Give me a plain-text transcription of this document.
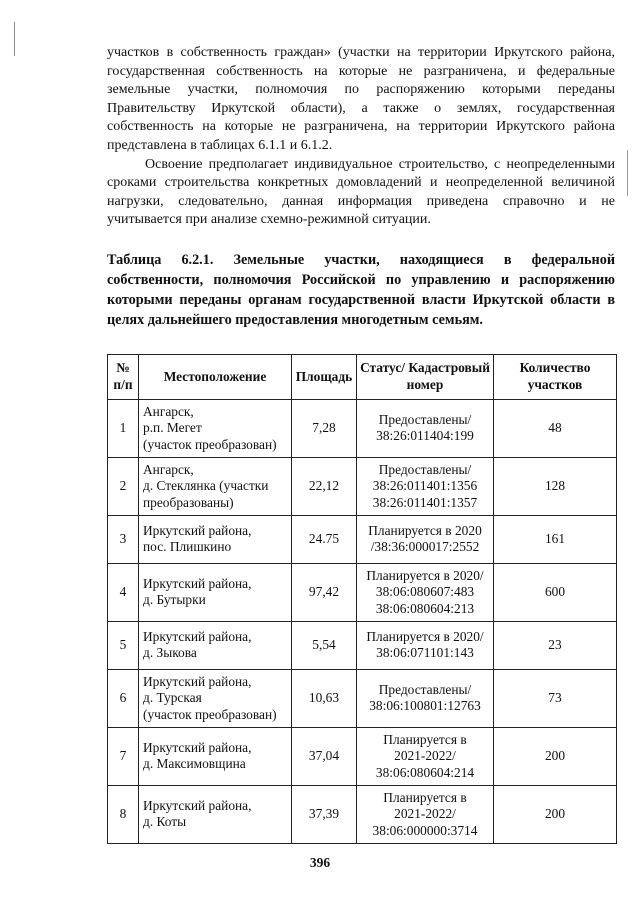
участков в собственность граждан» (участки на территории Иркутского района, государственная собственность на которые не разграничена, и федеральные земельные участки, полномочия по распоряжению которыми переданы Правительству Иркутской области), а также о землях, государственная собственность на которые не разграничена, на территории Иркутского района представлена в таблицах 6.1.1 и 6.1.2.

Освоение предполагает индивидуальное строительство, с неопределенными сроками строительства конкретных домовладений и неопределенной величиной нагрузки, следовательно, данная информация приведена справочно и не учитывается при анализе схемно-режимной ситуации.

Таблица 6.2.1. Земельные участки, находящиеся в федеральной собственности, полномочия Российской по управлению и распоряжению которыми переданы органам государственной власти Иркутской области в целях дальнейшего предоставления многодетным семьям.

№ п/п	Местоположение	Площадь	Статус/ Кадастровый номер	Количество участков
1	Ангарск,
р.п. Мегет
(участок преобразован)	7,28	Предоставлены/
38:26:011404:199	48
2	Ангарск,
д. Стеклянка (участки
преобразованы)	22,12	Предоставлены/
38:26:011401:1356
38:26:011401:1357	128
3	Иркутский района,
пос. Плишкино	24.75	Планируется в 2020
/38:36:000017:2552	161
4	Иркутский района,
д. Бутырки	97,42	Планируется в 2020/
38:06:080607:483
38:06:080604:213	600
5	Иркутский района,
д. Зыкова	5,54	Планируется в 2020/
38:06:071101:143	23
6	Иркутский района,
д. Турская
(участок преобразован)	10,63	Предоставлены/
38:06:100801:12763	73
7	Иркутский района,
д. Максимовщина	37,04	Планируется в
2021-2022/
38:06:080604:214	200
8	Иркутский района,
д. Коты	37,39	Планируется в
2021-2022/
38:06:000000:3714	200
396
